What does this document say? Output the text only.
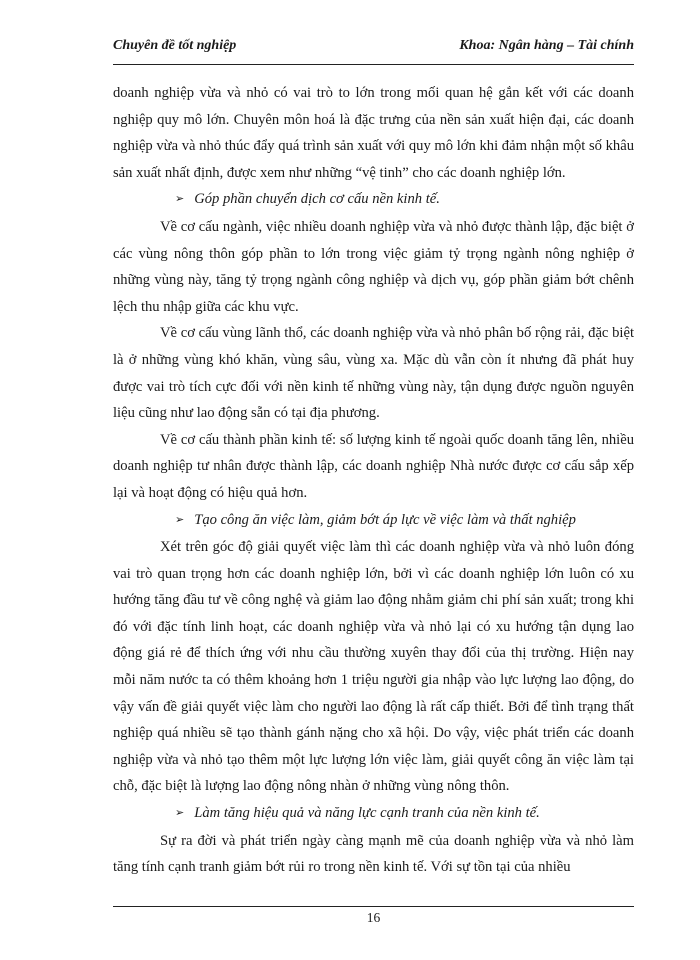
Chuyên đề tốt nghiệp	Khoa: Ngân hàng – Tài chính

doanh nghiệp vừa và nhỏ có vai trò to lớn trong mối quan hệ gắn kết với các doanh nghiệp quy mô lớn. Chuyên môn hoá là đặc trưng của nền sản xuất hiện đại, các doanh nghiệp vừa và nhỏ thúc đẩy quá trình sản xuất với quy mô lớn khi đảm nhận một số khâu sản xuất nhất định, được xem như những “vệ tinh” cho các doanh nghiệp lớn.

➢ Góp phần chuyển dịch cơ cấu nền kinh tế.

Về cơ cấu ngành, việc nhiều doanh nghiệp vừa và nhỏ được thành lập, đặc biệt ở các vùng nông thôn góp phần to lớn trong việc giảm tỷ trọng ngành nông nghiệp ở những vùng này, tăng tỷ trọng ngành công nghiệp và dịch vụ, góp phần giảm bớt chênh lệch thu nhập giữa các khu vực.

Về cơ cấu vùng lãnh thổ, các doanh nghiệp vừa và nhỏ phân bố rộng rải, đặc biệt là ở những vùng khó khăn, vùng sâu, vùng xa. Mặc dù vẫn còn ít nhưng đã phát huy được vai trò tích cực đối với nền kinh tế những vùng này, tận dụng được nguồn nguyên liệu cũng như lao động sẵn có tại địa phương.

Về cơ cấu thành phần kinh tế: số lượng kinh tế ngoài quốc doanh tăng lên, nhiều doanh nghiệp tư nhân được thành lập, các doanh nghiệp Nhà nước được cơ cấu sắp xếp lại và hoạt động có hiệu quả hơn.

➢ Tạo công ăn việc làm, giảm bớt áp lực về việc làm và thất nghiệp

Xét trên góc độ giải quyết việc làm thì các doanh nghiệp vừa và nhỏ luôn đóng vai trò quan trọng hơn các doanh nghiệp lớn, bởi vì các doanh nghiệp lớn luôn có xu hướng tăng đầu tư về công nghệ và giảm lao động nhằm giảm chi phí sản xuất; trong khi đó với đặc tính linh hoạt, các doanh nghiệp vừa và nhỏ lại có xu hướng tận dụng lao động giá rẻ để thích ứng với nhu cầu thường xuyên thay đổi của thị trường. Hiện nay mỗi năm nước ta có thêm khoảng hơn 1 triệu người gia nhập vào lực lượng lao động, do vậy vấn đề giải quyết việc làm cho người lao động là rất cấp thiết. Bởi để tình trạng thất nghiệp quá nhiều sẽ tạo thành gánh nặng cho xã hội. Do vậy, việc phát triển các doanh nghiệp vừa và nhỏ tạo thêm một lực lượng lớn việc làm, giải quyết công ăn việc làm tại chỗ, đặc biệt là lượng lao động nông nhàn ở những vùng nông thôn.

➢ Làm tăng hiệu quả và năng lực cạnh tranh của nền kinh tế.

Sự ra đời và phát triển ngày càng mạnh mẽ của doanh nghiệp vừa và nhỏ làm tăng tính cạnh tranh giảm bớt rủi ro trong nền kinh tế. Với sự tồn tại của nhiều

16
